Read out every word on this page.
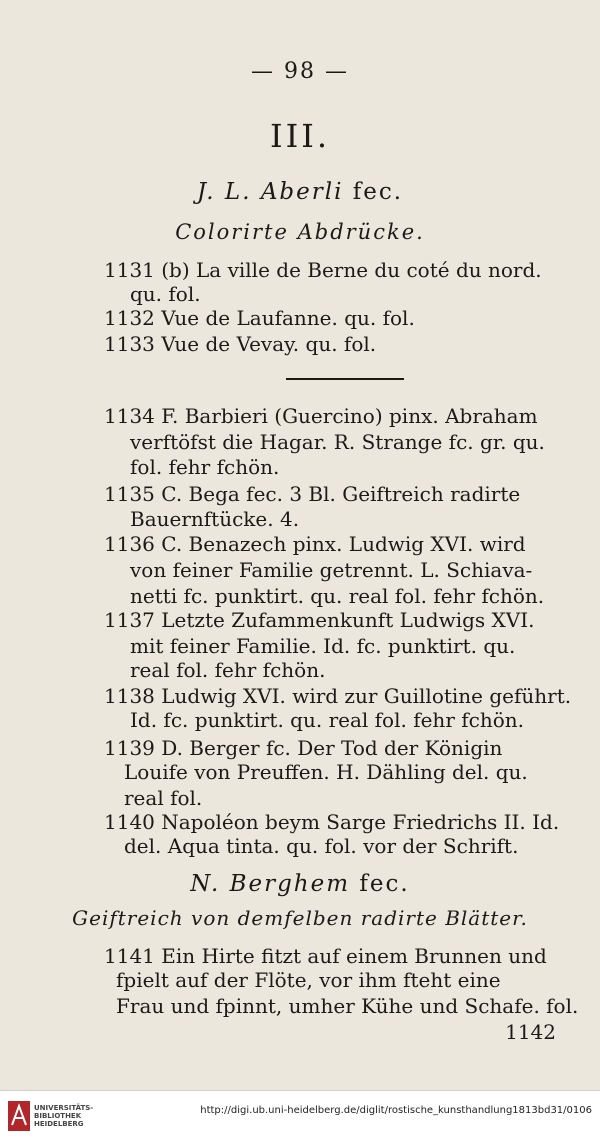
— 98 —
III.
J. L. Aberli fec.
Colorirte Abdrücke.
1131 (b) La ville de Berne du coté du nord.
qu. fol.
1132 Vue de Laufanne. qu. fol.
1133 Vue de Vevay. qu. fol.
1134 F. Barbieri (Guercino) pinx. Abraham
verftöfst die Hagar. R. Strange fc. gr. qu.
fol. fehr fchön.
1135 C. Bega fec. 3 Bl. Geiftreich radirte
Bauernftücke. 4.
1136 C. Benazech pinx. Ludwig XVI. wird
von feiner Familie getrennt. L. Schiava-
netti fc. punktirt. qu. real fol. fehr fchön.
1137 Letzte Zufammenkunft Ludwigs XVI.
mit feiner Familie. Id. fc. punktirt. qu.
real fol. fehr fchön.
1138 Ludwig XVI. wird zur Guillotine geführt.
Id. fc. punktirt. qu. real fol. fehr fchön.
1139 D. Berger fc. Der Tod der Königin
Louife von Preuffen. H. Dähling del. qu.
real fol.
1140 Napoléon beym Sarge Friedrichs II. Id.
del. Aqua tinta. qu. fol. vor der Schrift.
N. Berghem fec.
Geiftreich von demfelben radirte Blätter.
1141 Ein Hirte fitzt auf einem Brunnen und
fpielt auf der Flöte, vor ihm fteht eine
Frau und fpinnt, umher Kühe und Schafe. fol.
1142
UNIVERSITÄTS-
BIBLIOTHEK
HEIDELBERG
http://digi.ub.uni-heidelberg.de/diglit/rostische_kunsthandlung1813bd31/0106
